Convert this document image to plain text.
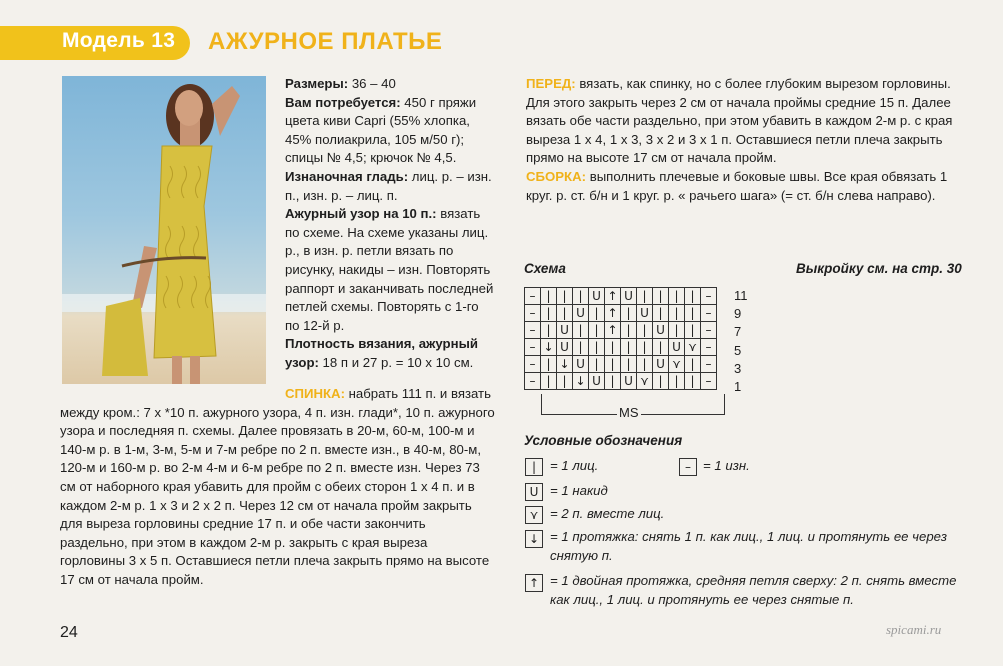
Модель 13 АЖУРНОЕ ПЛАТЬЕ

Размеры: 36 – 40

Вам потребуется: 450 г пряжи цвета киви Capri (55% хлопка, 45% полиакрила, 105 м/50 г); спицы № 4,5; крючок № 4,5.

Изнаночная гладь: лиц. р. – изн. п., изн. р. – лиц. п.

Ажурный узор на 10 п.: вязать по схеме. На схеме указаны лиц. р., в изн. р. петли вязать по рисунку, накиды – изн. Повторять раппорт и заканчивать последней петлей схемы. Повторять с 1-го по 12-й р.

Плотность вязания, ажурный узор: 18 п и 27 р. = 10 х 10 см.

СПИНКА: набрать 111 п. и вязать между кром.: 7 х *10 п. ажурного узора, 4 п. изн. глади*, 10 п. ажурного узора и последняя п. схемы. Далее провязать в 20-м, 60-м, 100-м и 140-м р. в 1-м, 3-м, 5-м и 7-м ребре по 2 п. вместе изн., в 40-м, 80-м, 120-м и 160-м р. во 2-м 4-м и 6-м ребре по 2 п. вместе изн. Через 73 см от наборного края убавить для пройм с обеих сторон 1 х 4 п. и в каждом 2-м р. 1 х 3 и 2 х 2 п. Через 12 см от начала пройм закрыть для выреза горловины средние 17 п. и обе части закончить раздельно, при этом в каждом 2-м р. закрыть с края выреза горловины 3 х 5 п. Оставшиеся петли плеча закрыть прямо на высоте 17 см от начала пройм.

ПЕРЕД: вязать, как спинку, но с более глубоким вырезом горловины. Для этого закрыть через 2 см от начала проймы средние 15 п. Далее вязать обе части раздельно, при этом убавить в каждом 2-м р. с края выреза 1 х 4, 1 х 3, 3 х 2 и 3 х 1 п. Оставшиеся петли плеча закрыть прямо на высоте 17 см от начала пройм.

СБОРКА: выполнить плечевые и боковые швы. Все края обвязать 1 круг. р. ст. б/н и 1 круг. р. « рачьего шага» (= ст. б/н слева направо).

Схема	Выкройку см. на стр. 30
–	|	|	|	U	↑	U	|	|	|	|	–
–	|	|	U	|	↑	|	U	|	|	|	–
–	|	U	|	|	↑	|	|	U	|	|	–
–	↓	U	|	|	|	|	|	|	U	⋎	–
–	|	↓	U	|	|	|	|	U	⋎	|	–
–	|	|	↓	U	|	U	⋎	|	|	|	–
11
9
7
5
3
1
MS
Условные обозначения
|	= 1 лиц.	– = 1 изн.
U = 1 накид
⋎ = 2 п. вместе лиц.
↓ = 1 протяжка: снять 1 п. как лиц., 1 лиц. и протянуть ее через снятую п.
↑ = 1 двойная протяжка, средняя петля сверху: 2 п. снять вместе как лиц., 1 лиц. и протянуть ее через снятые п.
24	spicami.ru
